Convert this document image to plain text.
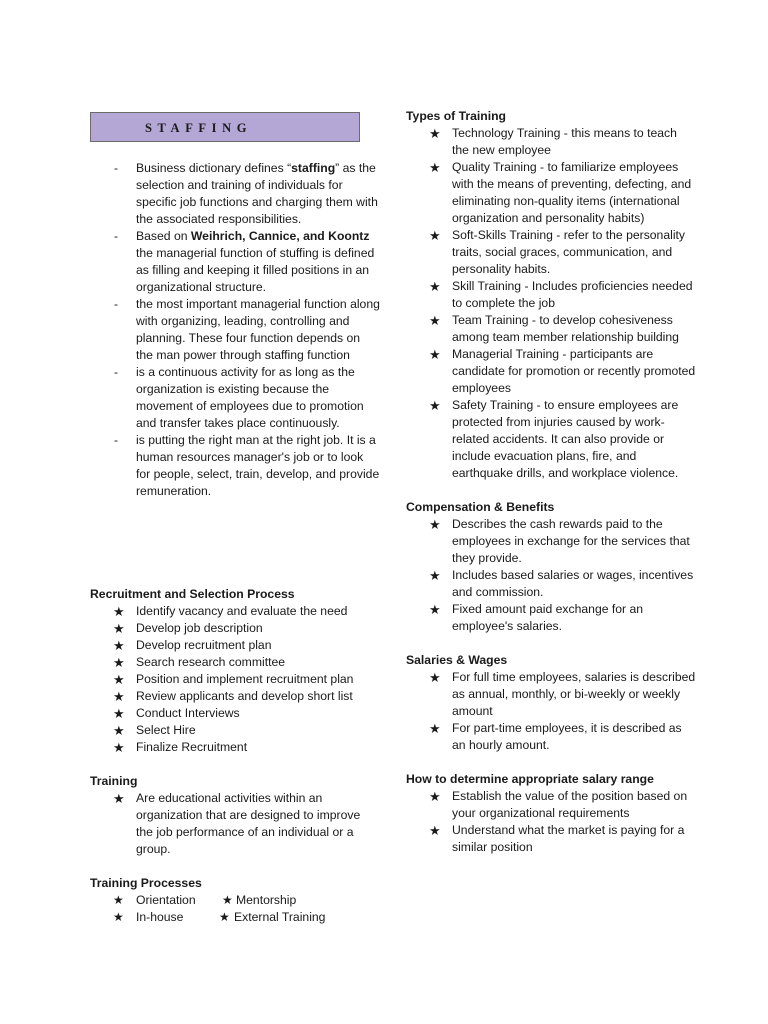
STAFFING
- Business dictionary defines “staffing” as the selection and training of individuals for specific job functions and charging them with the associated responsibilities.
- Based on Weihrich, Cannice, and Koontz the managerial function of stuffing is defined as filling and keeping it filled positions in an organizational structure.
- the most important managerial function along with organizing, leading, controlling and planning. These four function depends on the man power through staffing function
- is a continuous activity for as long as the organization is existing because the movement of employees due to promotion and transfer takes place continuously.
- is putting the right man at the right job. It is a human resources manager's job or to look for people, select, train, develop, and provide remuneration.

Recruitment and Selection Process

★ Identify vacancy and evaluate the need
★ Develop job description
★ Develop recruitment plan
★ Search research committee
★ Position and implement recruitment plan
★ Review applicants and develop short list
★ Conduct Interviews
★ Select Hire
★ Finalize Recruitment

Training

★ Are educational activities within an organization that are designed to improve the job performance of an individual or a group.

Training Processes

★ Orientation ★ Mentorship
★ In-house	★ External Training

Types of Training

★ Technology Training - this means to teach the new employee
★ Quality Training - to familiarize employees with the means of preventing, defecting, and eliminating non-quality items (international organization and personality habits)
★ Soft-Skills Training - refer to the personality traits, social graces, communication, and personality habits.
★ Skill Training - Includes proficiencies needed to complete the job
★ Team Training - to develop cohesiveness among team member relationship building
★ Managerial Training - participants are candidate for promotion or recently promoted employees
★ Safety Training - to ensure employees are protected from injuries caused by work-related accidents. It can also provide or include evacuation plans, fire, and earthquake drills, and workplace violence.

Compensation & Benefits

★ Describes the cash rewards paid to the employees in exchange for the services that they provide.
★ Includes based salaries or wages, incentives and commission.
★ Fixed amount paid exchange for an employee's salaries.

Salaries & Wages

★ For full time employees, salaries is described as annual, monthly, or bi-weekly or weekly amount
★ For part-time employees, it is described as an hourly amount.

How to determine appropriate salary range

★ Establish the value of the position based on your organizational requirements
★ Understand what the market is paying for a similar position
